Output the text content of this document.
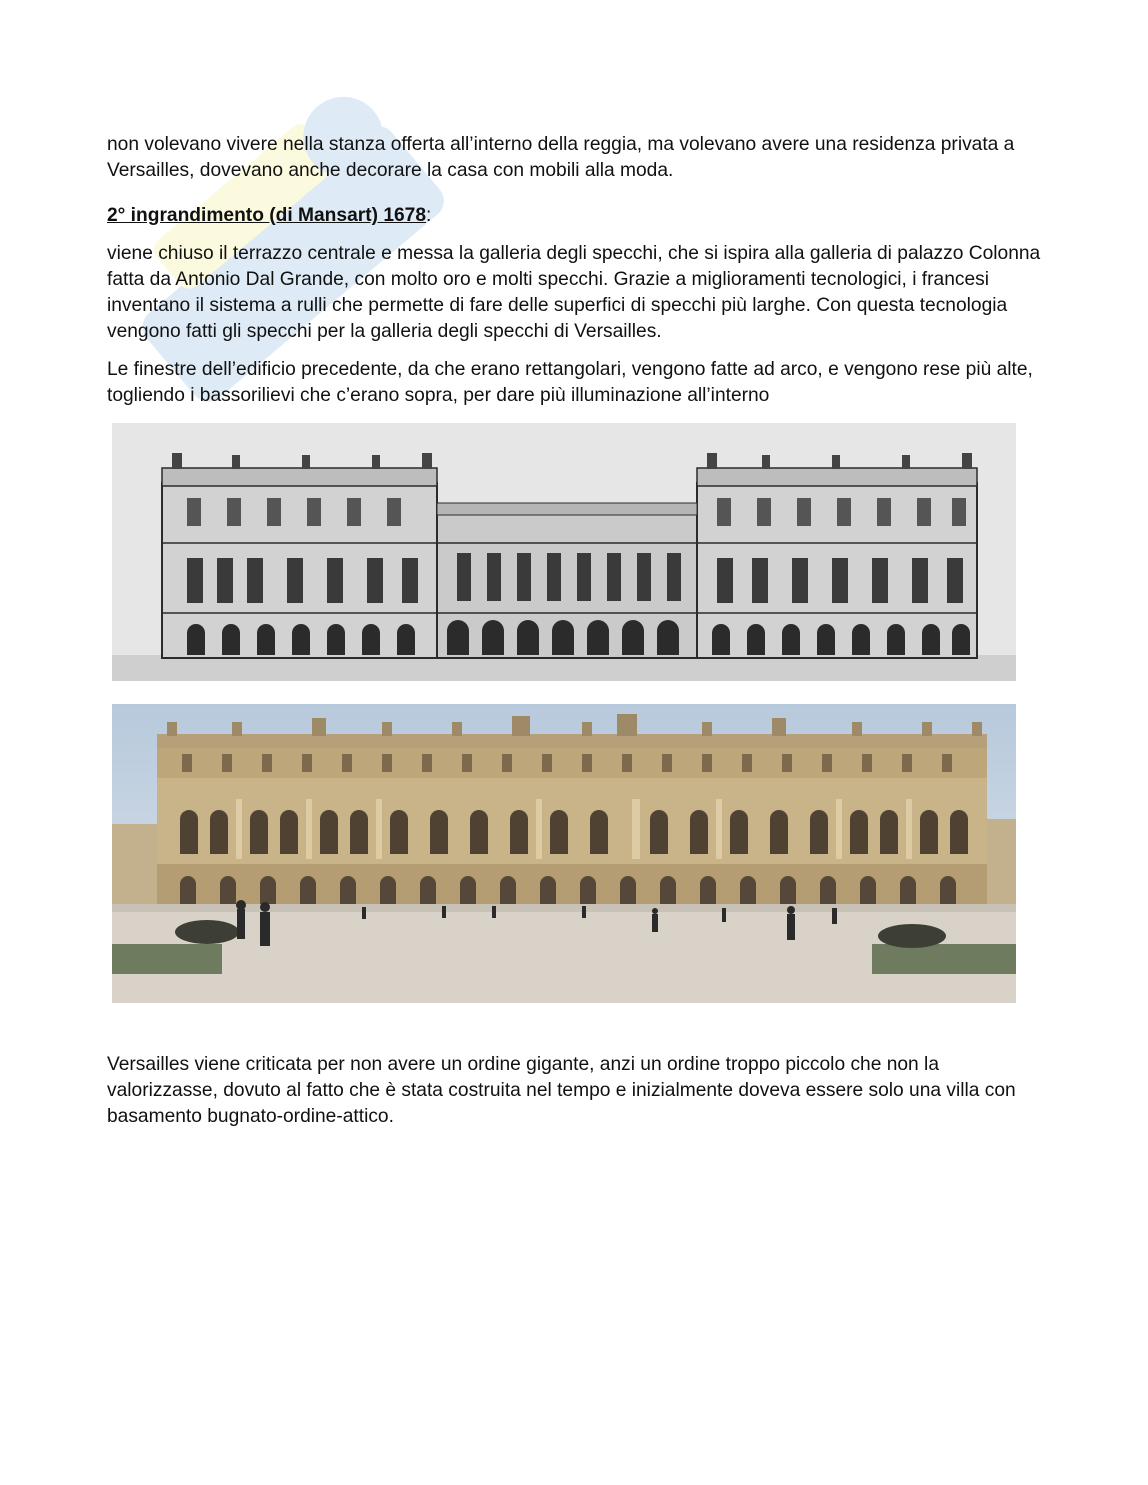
non volevano vivere nella stanza offerta all’interno della reggia, ma volevano avere una residenza privata a Versailles, dovevano anche decorare la casa con mobili alla moda.

2° ingrandimento (di Mansart) 1678:

viene chiuso il terrazzo centrale e messa la galleria degli specchi, che si ispira alla galleria di palazzo Colonna fatta da Antonio Dal Grande, con molto oro e molti specchi. Grazie a miglioramenti tecnologici, i francesi inventano il sistema a rulli che permette di fare delle superfici di specchi più larghe. Con questa tecnologia vengono fatti gli specchi per la galleria degli specchi di Versailles.

Le finestre dell’edificio precedente, da che erano rettangolari, vengono fatte ad arco, e vengono rese più alte, togliendo i bassorilievi che c’erano sopra, per dare più illuminazione all’interno

Versailles viene criticata per non avere un ordine gigante, anzi un ordine troppo piccolo che non la valorizzasse, dovuto al fatto che è stata costruita nel tempo e inizialmente doveva essere solo una villa con basamento bugnato-ordine-attico.
